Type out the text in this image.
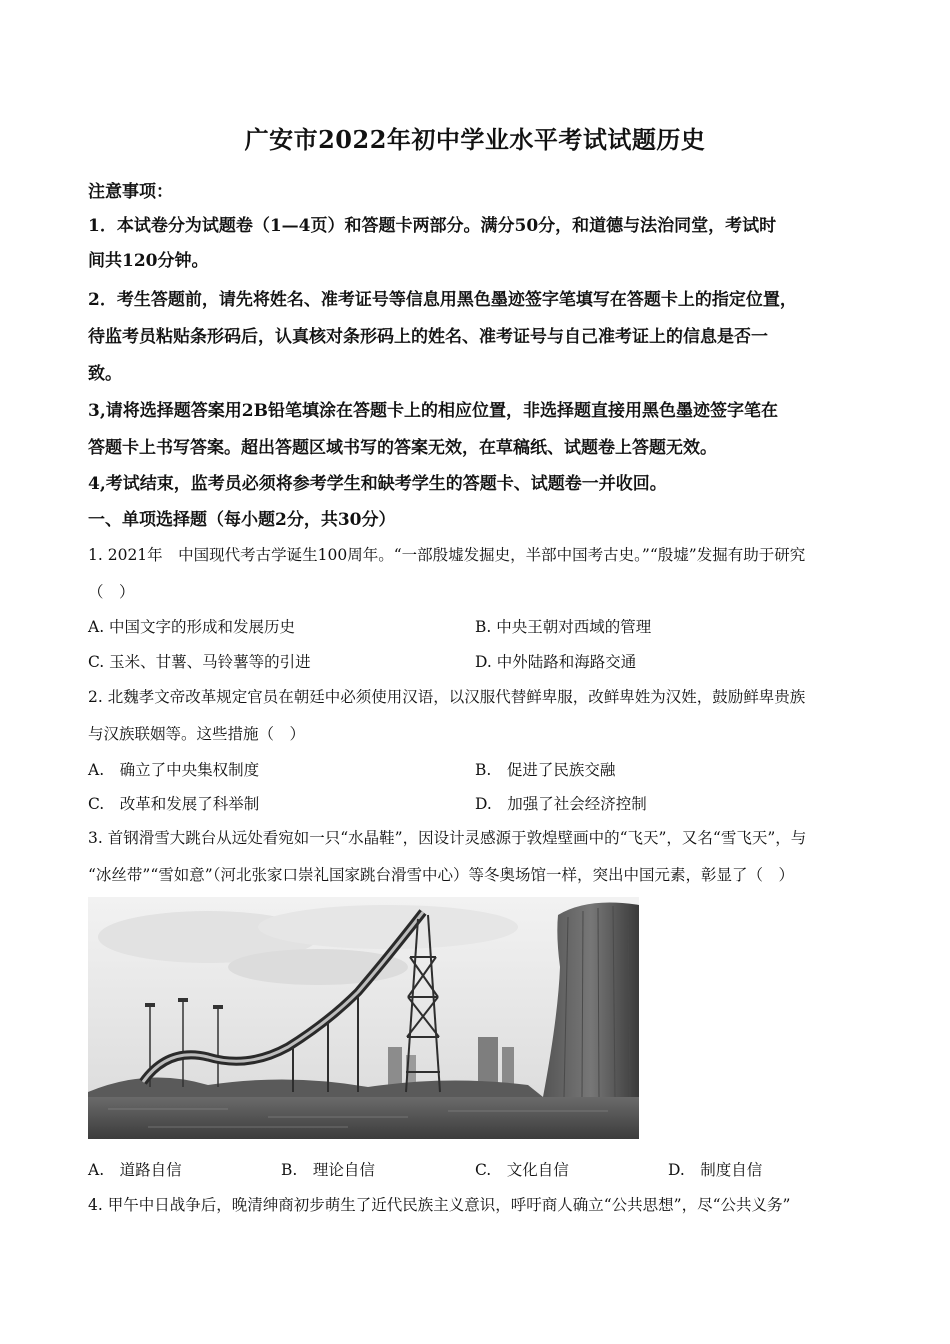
广安市2022年初中学业水平考试试题历史
注意事项：
1．本试卷分为试题卷（1—4页）和答题卡两部分。满分50分，和道德与法治同堂，考试时
间共120分钟。
2．考生答题前，请先将姓名、准考证号等信息用黑色墨迹签字笔填写在答题卡上的指定位置，
待监考员粘贴条形码后，认真核对条形码上的姓名、准考证号与自己准考证上的信息是否一
致。
3,请将选择题答案用2B铅笔填涂在答题卡上的相应位置，非选择题直接用黑色墨迹签字笔在
答题卡上书写答案。超出答题区域书写的答案无效，在草稿纸、试题卷上答题无效。
4,考试结束，监考员必须将参考学生和缺考学生的答题卡、试题卷一并收回。
一、单项选择题（每小题2分，共30分）
1. 2021年　中国现代考古学诞生100周年。“一部殷墟发掘史，半部中国考古史。”“殷墟”发掘有助于研究
（　）
A. 中国文字的形成和发展历史	B. 中央王朝对西域的管理
C. 玉米、甘薯、马铃薯等的引进	D. 中外陆路和海路交通
2. 北魏孝文帝改革规定官员在朝廷中必须使用汉语，以汉服代替鲜卑服，改鲜卑姓为汉姓，鼓励鲜卑贵族
与汉族联姻等。这些措施（　）
A.　确立了中央集权制度	B.　促进了民族交融
C.　改革和发展了科举制	D.　加强了社会经济控制
3. 首钢滑雪大跳台从远处看宛如一只“水晶鞋”，因设计灵感源于敦煌壁画中的“飞天”，又名“雪飞天”，与
“冰丝带”“雪如意”（河北张家口崇礼国家跳台滑雪中心）等冬奥场馆一样，突出中国元素，彰显了（　）
A.　道路自信	B.　理论自信	C.　文化自信	D.　制度自信
4. 甲午中日战争后，晚清绅商初步萌生了近代民族主义意识，呼吁商人确立“公共思想”，尽“公共义务”
